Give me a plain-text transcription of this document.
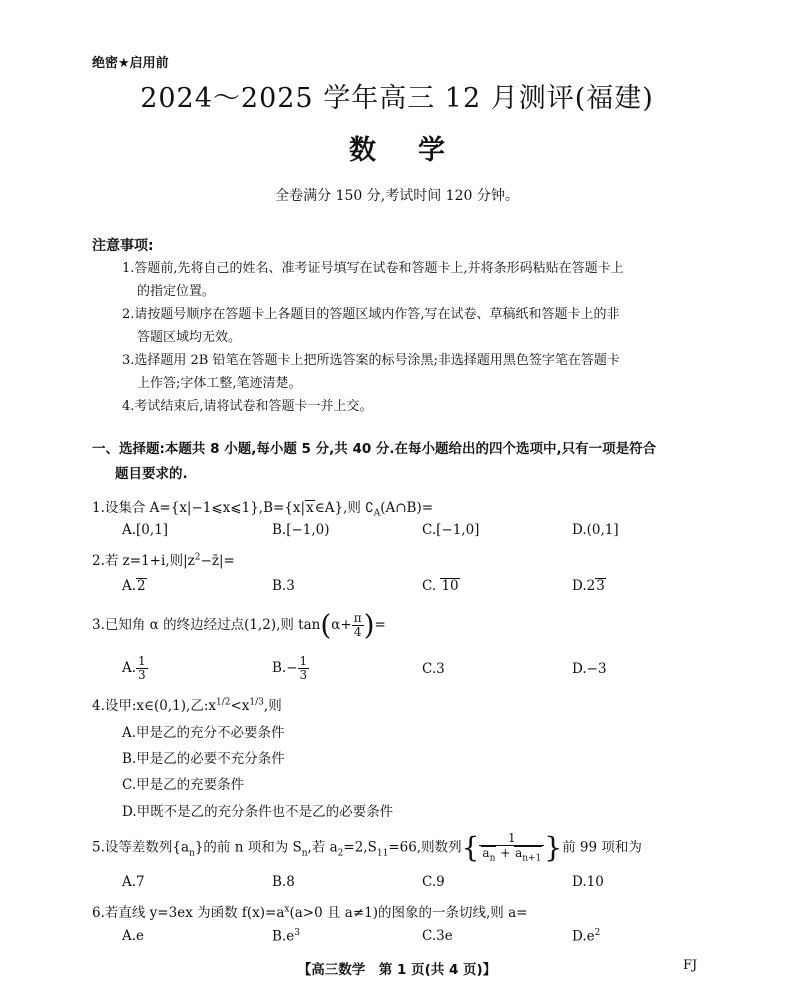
绝密★启用前
2024～2025 学年高三 12 月测评(福建)
数学
全卷满分 150 分,考试时间 120 分钟。
注意事项:
1.答题前,先将自己的姓名、准考证号填写在试卷和答题卡上,并将条形码粘贴在答题卡上
的指定位置。
2.请按题号顺序在答题卡上各题目的答题区域内作答,写在试卷、草稿纸和答题卡上的非
答题区域均无效。
3.选择题用 2B 铅笔在答题卡上把所选答案的标号涂黑;非选择题用黑色签字笔在答题卡
上作答;字体工整,笔迹清楚。
4.考试结束后,请将试卷和答题卡一并上交。
一、选择题:本题共 8 小题,每小题 5 分,共 40 分.在每小题给出的四个选项中,只有一项是符合
题目要求的.
1.设集合 A={x|−1⩽x⩽1},B={x|x∈A},则 $∁_A(A\cap B)=$
A.[0,1]	B.[−1,0)	C.[−1,0]	D.(0,1]
2.若 z=1+i,则$|z^2-z̄|=$
A.2	B.3	C. 10	D.23
3.已知角 α 的终边经过点(1,2),则 $\tan(\alpha+ \frac{\pi}{4}$ )=
A. $\frac{1}{3}$	$B.- \frac{1}{3}$	C.3	D.−3
4.设甲:x∈(0,1),乙$:x^{1/2}<x^{1/3}$,则
A.甲是乙的充分不必要条件
B.甲是乙的必要不充分条件
C.甲是乙的充要条件
D.甲既不是乙的充分条件也不是乙的必要条件
5.设等差数列$\{a_n\}$的前 n 项和为 $S_n$,若 $a_2=2,S_{11}=66$,则数列{ $\frac{1}{a_n + a_{n+1}}$ }前 99 项和为
A.7	B.8	C.9	D.10
6.若直线 y=3ex 为函数 $f(x)=a^x(a>0$ 且 a≠1)的图象的一条切线,则 a=
A.e	$B.e^3$	C.3e	$D.e^2$
【高三数学　第 1 页(共 4 页)】	FJ
